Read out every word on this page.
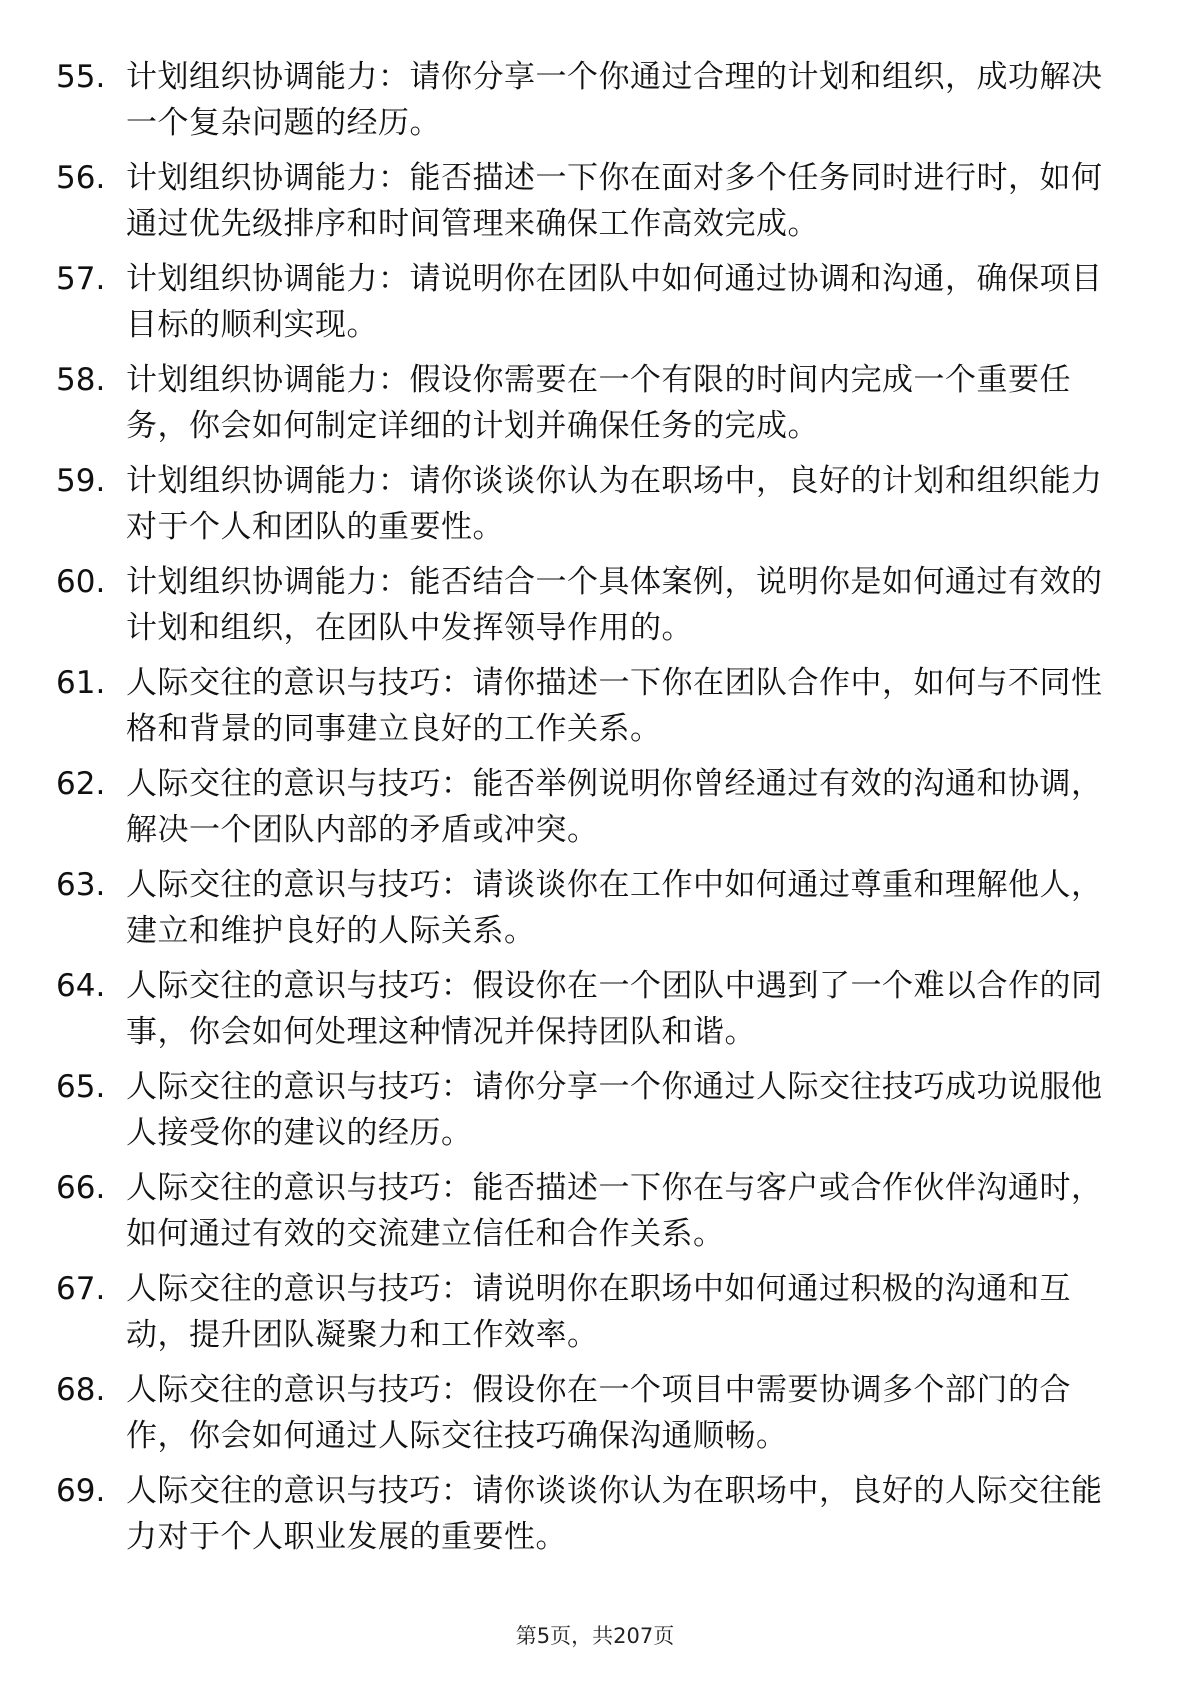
55. 计划组织协调能力：请你分享一个你通过合理的计划和组织，成功解决一个复杂问题的经历。
56. 计划组织协调能力：能否描述一下你在面对多个任务同时进行时，如何通过优先级排序和时间管理来确保工作高效完成。
57. 计划组织协调能力：请说明你在团队中如何通过协调和沟通，确保项目目标的顺利实现。
58. 计划组织协调能力：假设你需要在一个有限的时间内完成一个重要任务，你会如何制定详细的计划并确保任务的完成。
59. 计划组织协调能力：请你谈谈你认为在职场中，良好的计划和组织能力对于个人和团队的重要性。
60. 计划组织协调能力：能否结合一个具体案例，说明你是如何通过有效的计划和组织，在团队中发挥领导作用的。
61. 人际交往的意识与技巧：请你描述一下你在团队合作中，如何与不同性格和背景的同事建立良好的工作关系。
62. 人际交往的意识与技巧：能否举例说明你曾经通过有效的沟通和协调，解决一个团队内部的矛盾或冲突。
63. 人际交往的意识与技巧：请谈谈你在工作中如何通过尊重和理解他人，建立和维护良好的人际关系。
64. 人际交往的意识与技巧：假设你在一个团队中遇到了一个难以合作的同事，你会如何处理这种情况并保持团队和谐。
65. 人际交往的意识与技巧：请你分享一个你通过人际交往技巧成功说服他人接受你的建议的经历。
66. 人际交往的意识与技巧：能否描述一下你在与客户或合作伙伴沟通时，如何通过有效的交流建立信任和合作关系。
67. 人际交往的意识与技巧：请说明你在职场中如何通过积极的沟通和互动，提升团队凝聚力和工作效率。
68. 人际交往的意识与技巧：假设你在一个项目中需要协调多个部门的合作，你会如何通过人际交往技巧确保沟通顺畅。
69. 人际交往的意识与技巧：请你谈谈你认为在职场中，良好的人际交往能力对于个人职业发展的重要性。
第5页，共207页
